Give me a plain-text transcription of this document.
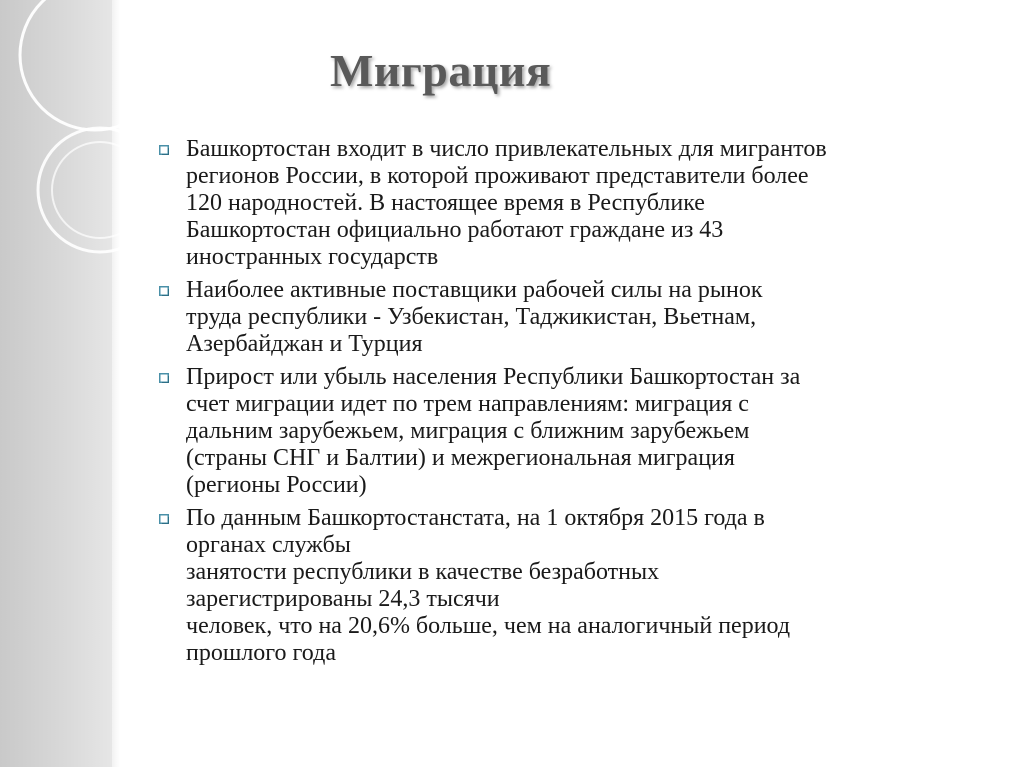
Миграция
Башкортостан входит в число привлекательных для мигрантов
регионов России, в которой проживают представители более
120 народностей. В настоящее время в Республике
Башкортостан официально работают граждане из 43
иностранных государств
Наиболее активные поставщики рабочей силы на рынок
труда республики - Узбекистан, Таджикистан, Вьетнам,
Азербайджан и Турция
Прирост или убыль населения Республики Башкортостан за
счет миграции идет по трем направлениям: миграция с
дальним зарубежьем, миграция с ближним зарубежьем
(страны СНГ и Балтии) и межрегиональная миграция
(регионы России)
По данным Башкортостанстата, на 1 октября 2015 года в
органах службы
занятости республики в качестве безработных
зарегистрированы 24,3 тысячи
человек, что на 20,6% больше, чем на аналогичный период
прошлого года
